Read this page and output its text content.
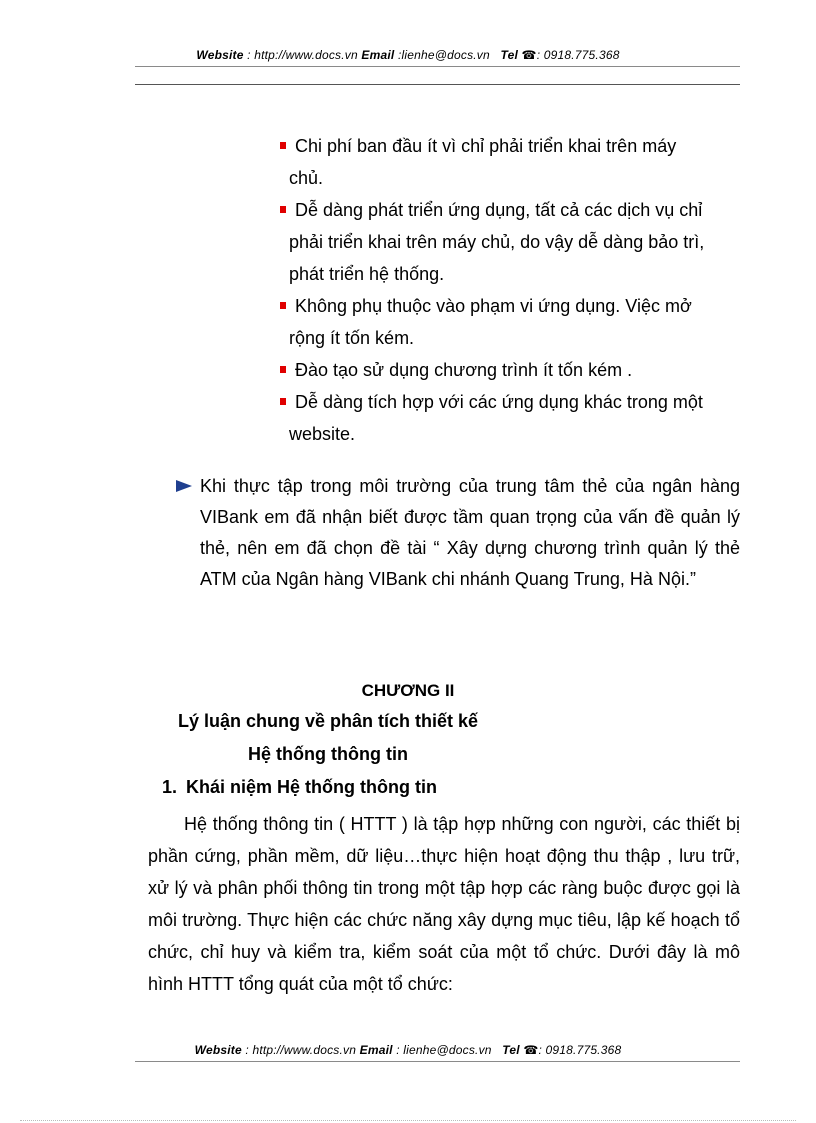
Website : http://www.docs.vn Email :lienhe@docs.vn Tel ☎: 0918.775.368
Chi phí ban đầu ít vì chỉ phải triển khai trên máy
chủ.
Dễ dàng phát triển ứng dụng, tất cả các dịch vụ chỉ
phải triển khai trên máy chủ, do vậy dễ dàng bảo trì, phát triển hệ thống.
Không phụ thuộc vào phạm vi ứng dụng. Việc mở
rộng ít tốn kém.
Đào tạo sử dụng chương trình ít tốn kém .
Dễ dàng tích hợp với các ứng dụng khác trong một
website.
Khi thực tập trong môi trường của trung tâm thẻ của ngân hàng VIBank em đã nhận biết được tầm quan trọng của vấn đề quản lý thẻ, nên em đã chọn đề tài “ Xây dựng chương trình quản lý thẻ ATM của Ngân hàng VIBank chi nhánh Quang Trung, Hà Nội.”
CHƯƠNG II
Lý luận chung về phân tích thiết kế
Hệ thống thông tin
1. Khái niệm Hệ thống thông tin
Hệ thống thông tin ( HTTT ) là tập hợp những con người, các thiết bị phần cứng, phần mềm, dữ liệu…thực hiện hoạt động thu thập , lưu trữ, xử lý và phân phối thông tin trong một tập hợp các ràng buộc được gọi là môi trường. Thực hiện các chức năng xây dựng mục tiêu, lập kế hoạch tổ chức, chỉ huy và kiểm tra, kiểm soát của một tổ chức. Dưới đây là mô hình HTTT tổng quát của một tổ chức:
Website : http://www.docs.vn Email : lienhe@docs.vn Tel ☎: 0918.775.368
